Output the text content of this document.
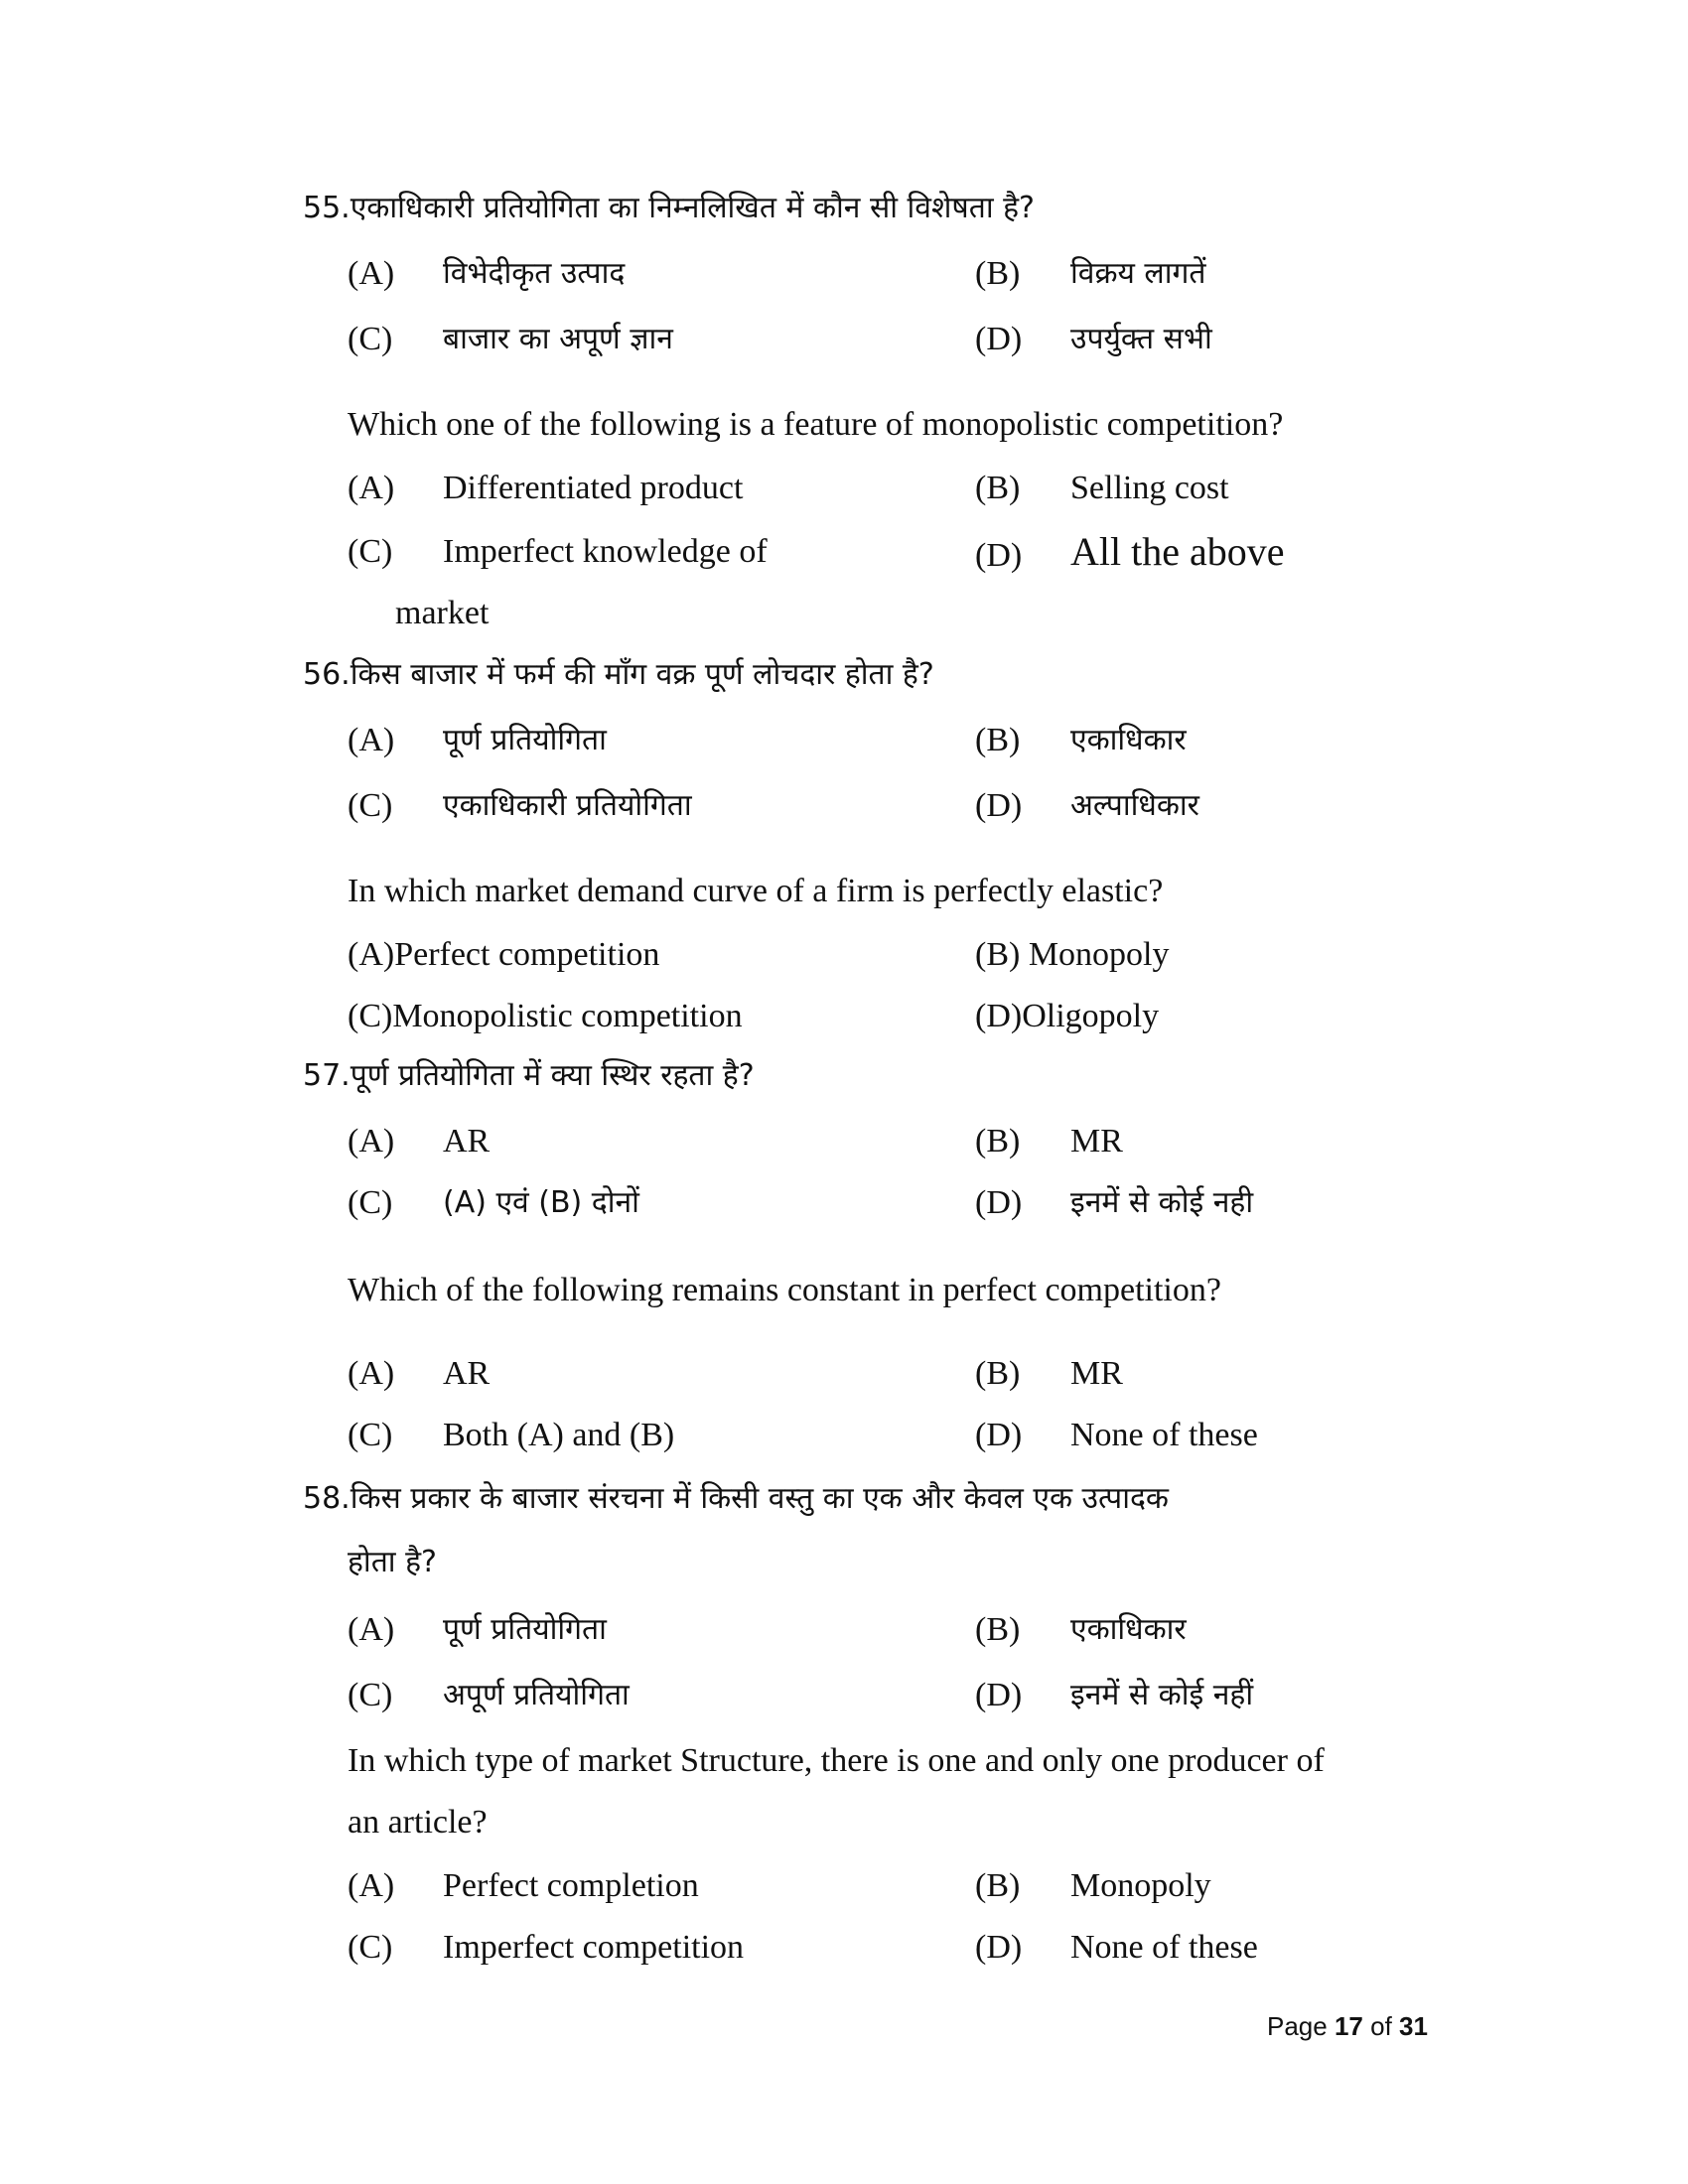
55.एकाधिकारी प्रतियोगिता का निम्नलिखित में कौन सी विशेषता है?
(A) विभेदीकृत उत्पाद	(B) विक्रय लागतें
(C) बाजार का अपूर्ण ज्ञान	(D) उपर्युक्त सभी
Which one of the following is a feature of monopolistic competition?
(A) Differentiated product	(B) Selling cost
(C) Imperfect knowledge of	(D) All the above
market
56.किस बाजार में फर्म की माँग वक्र पूर्ण लोचदार होता है?
(A) पूर्ण प्रतियोगिता	(B) एकाधिकार
(C) एकाधिकारी प्रतियोगिता	(D) अल्पाधिकार
In which market demand curve of a firm is perfectly elastic?
(A)Perfect competition	(B) Monopoly
(C)Monopolistic competition	(D)Oligopoly
57.पूर्ण प्रतियोगिता में क्या स्थिर रहता है?
(A) AR	(B) MR
(C) (A) एवं (B) दोनों	(D) इनमें से कोई नही
Which of the following remains constant in perfect competition?
(A) AR	(B) MR
(C) Both (A) and (B)	(D) None of these
58.किस प्रकार के बाजार संरचना में किसी वस्तु का एक और केवल एक उत्पादक
होता है?
(A) पूर्ण प्रतियोगिता	(B) एकाधिकार
(C) अपूर्ण प्रतियोगिता	(D) इनमें से कोई नहीं
In which type of market Structure, there is one and only one producer of
an article?
(A) Perfect completion	(B) Monopoly
(C) Imperfect competition	(D) None of these
Page 17 of 31
